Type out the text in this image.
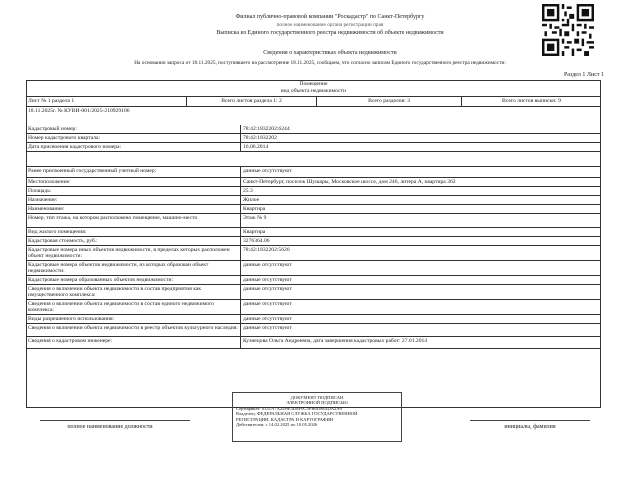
Филиал публично-правовой компании "Роскадастр" по Санкт-Петербургу
полное наименование органа регистрации прав
Выписка из Единого государственного реестра недвижимости об объекте недвижимости
Сведения о характеристиках объекта недвижимости
На основании запроса от 18.11.2025, поступившего на рассмотрение 18.11.2025, сообщаем, что согласно записям Единого государственного реестра недвижимости:
Раздел 1 Лист 1
Помещение
вид объекта недвижимости
Лист № 1 раздела 1	Всего листов раздела 1: 2	Всего разделов: 3	Всего листов выписки: 9
18.11.2025г. № КУВИ-001/2025-210929106
Кадастровый номер:	78:42:1832202:6244
Номер кадастрового квартала:	78:42:1832202
Дата присвоения кадастрового номера:	16.06.2014
Ранее присвоенный государственный учетный номер:	данные отсутствуют
Местоположение:	Санкт-Петербург, поселок Шушары, Московское шоссе, дом 246, литера А, квартира 362
Площадь:	25.3
Назначение:	Жилое
Наименование:	Квартира
Номер, тип этажа, на котором расположено помещение, машино-место	Этаж № 9
Вид жилого помещения:	Квартира
Кадастровая стоимость, руб.:	3276364.06
Кадастровые номера иных объектов недвижимости, в пределах которых расположен объект недвижимости:
78:42:1832202:5626
Кадастровые номера объектов недвижимости, из которых образован объект недвижимости:
данные отсутствуют
Кадастровые номера образованных объектов недвижимости:	данные отсутствуют
Сведения о включении объекта недвижимости в состав предприятия как имущественного комплекса:
данные отсутствуют
Сведения о включении объекта недвижимости в состав единого недвижимого комплекса:
данные отсутствуют
Виды разрешенного использования:	данные отсутствуют
Сведения о включении объекта недвижимости в реестр объектов культурного наследия: данные отсутствуют
Сведения о кадастровом инженере:	Кузнецова Ольга Андреевна, дата завершения кадастровых работ: 27.01.2014
полное наименование должности	инициалы, фамилия
ДОКУМЕНТ ПОДПИСАН
ЭЛЕКТРОННОЙ ПОДПИСЬЮ
Сертификат: 0331A7A2D9E3D8F0C5FB6D9E4DA2A0
Владелец: ФЕДЕРАЛЬНАЯ СЛУЖБА ГОСУДАРСТВЕННОЙ
РЕГИСТРАЦИИ, КАДАСТРА И КАРТОГРАФИИ
Действителен: с 14.02.2025 по 10.05.2026
